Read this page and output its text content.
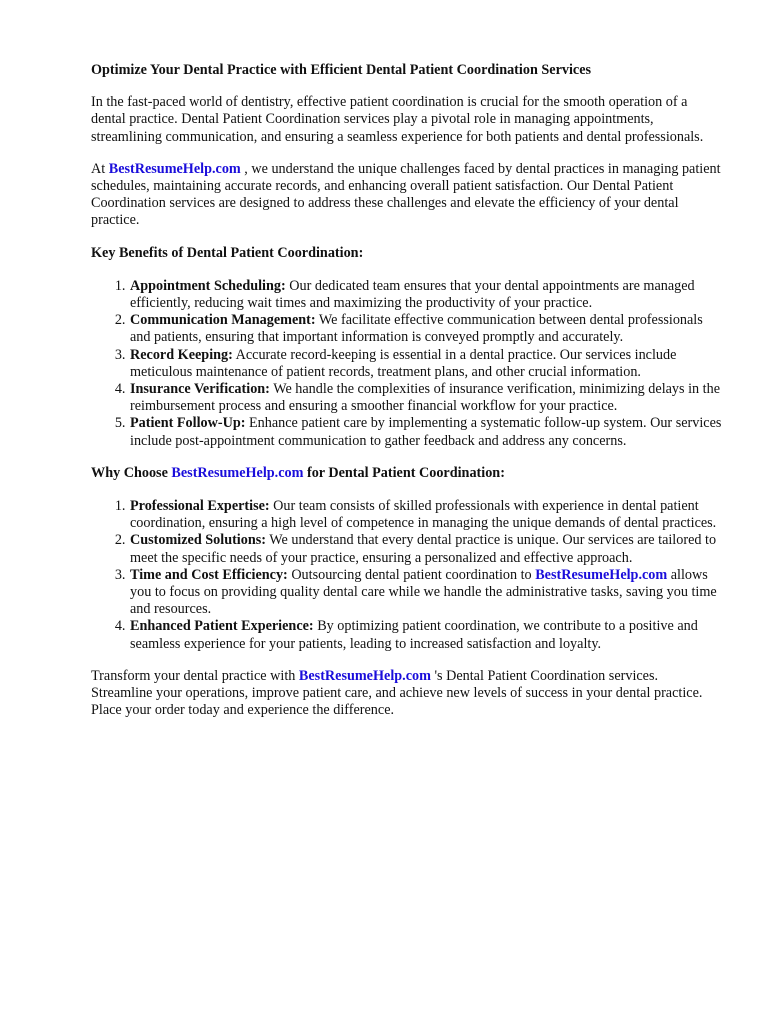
Optimize Your Dental Practice with Efficient Dental Patient Coordination Services

In the fast-paced world of dentistry, effective patient coordination is crucial for the smooth operation of a dental practice. Dental Patient Coordination services play a pivotal role in managing appointments, streamlining communication, and ensuring a seamless experience for both patients and dental professionals.

At BestResumeHelp.com , we understand the unique challenges faced by dental practices in managing patient schedules, maintaining accurate records, and enhancing overall patient satisfaction. Our Dental Patient Coordination services are designed to address these challenges and elevate the efficiency of your dental practice.

Key Benefits of Dental Patient Coordination:

1. Appointment Scheduling: Our dedicated team ensures that your dental appointments are managed efficiently, reducing wait times and maximizing the productivity of your practice.
2. Communication Management: We facilitate effective communication between dental professionals and patients, ensuring that important information is conveyed promptly and accurately.
3. Record Keeping: Accurate record-keeping is essential in a dental practice. Our services include meticulous maintenance of patient records, treatment plans, and other crucial information.
4. Insurance Verification: We handle the complexities of insurance verification, minimizing delays in the reimbursement process and ensuring a smoother financial workflow for your practice.
5. Patient Follow-Up: Enhance patient care by implementing a systematic follow-up system. Our services include post-appointment communication to gather feedback and address any concerns.

Why Choose BestResumeHelp.com for Dental Patient Coordination:

1. Professional Expertise: Our team consists of skilled professionals with experience in dental patient coordination, ensuring a high level of competence in managing the unique demands of dental practices.
2. Customized Solutions: We understand that every dental practice is unique. Our services are tailored to meet the specific needs of your practice, ensuring a personalized and effective approach.
3. Time and Cost Efficiency: Outsourcing dental patient coordination to BestResumeHelp.com allows you to focus on providing quality dental care while we handle the administrative tasks, saving you time and resources.
4. Enhanced Patient Experience: By optimizing patient coordination, we contribute to a positive and seamless experience for your patients, leading to increased satisfaction and loyalty.

Transform your dental practice with BestResumeHelp.com 's Dental Patient Coordination services. Streamline your operations, improve patient care, and achieve new levels of success in your dental practice. Place your order today and experience the difference.
